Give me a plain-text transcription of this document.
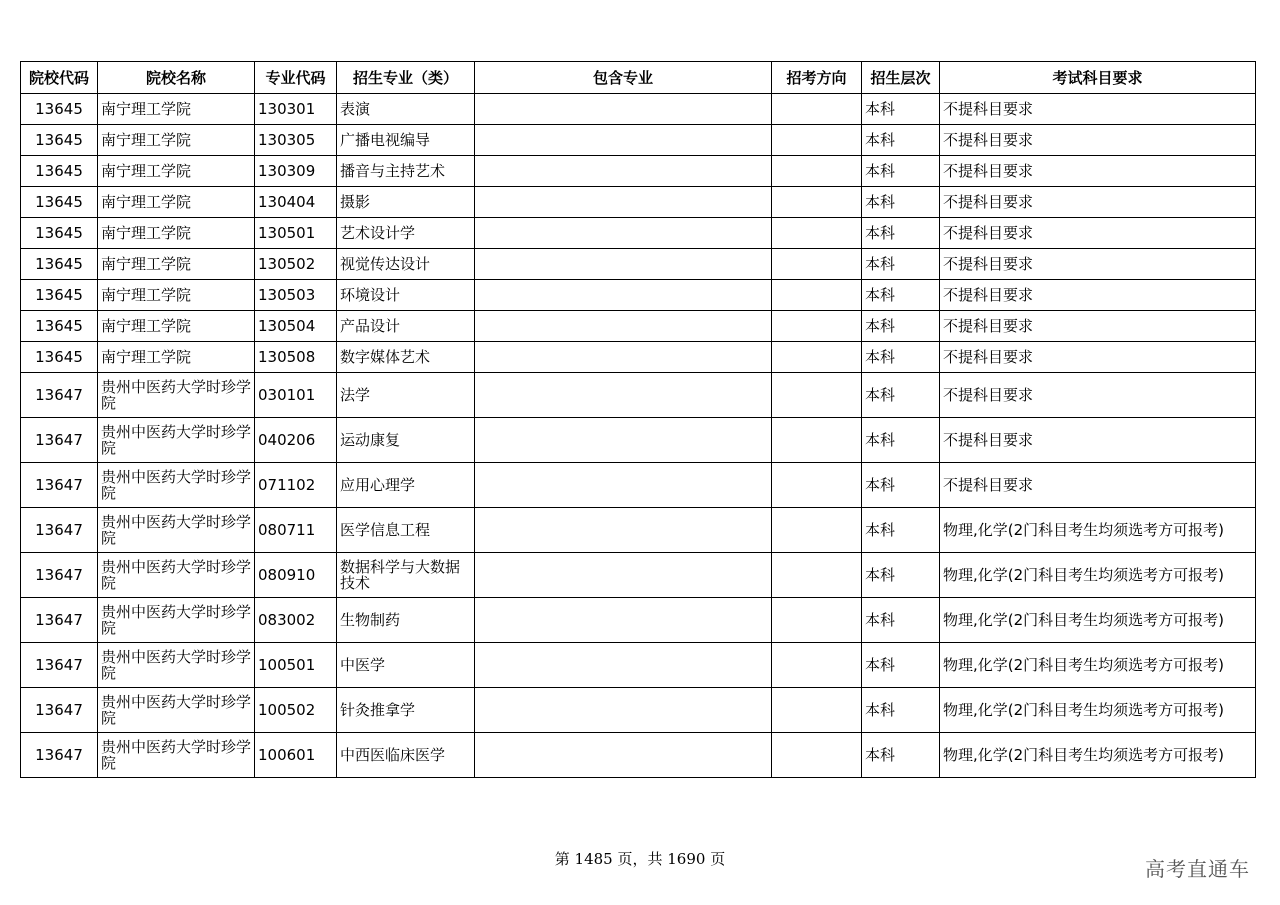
院校代码	院校名称	专业代码	招生专业（类）	包含专业	招考方向	招生层次	考试科目要求
13645	南宁理工学院	130301	表演			本科	不提科目要求
13645	南宁理工学院	130305	广播电视编导			本科	不提科目要求
13645	南宁理工学院	130309	播音与主持艺术			本科	不提科目要求
13645	南宁理工学院	130404	摄影			本科	不提科目要求
13645	南宁理工学院	130501	艺术设计学			本科	不提科目要求
13645	南宁理工学院	130502	视觉传达设计			本科	不提科目要求
13645	南宁理工学院	130503	环境设计			本科	不提科目要求
13645	南宁理工学院	130504	产品设计			本科	不提科目要求
13645	南宁理工学院	130508	数字媒体艺术			本科	不提科目要求
13647	贵州中医药大学时珍学院	030101	法学			本科	不提科目要求
13647	贵州中医药大学时珍学院	040206	运动康复			本科	不提科目要求
13647	贵州中医药大学时珍学院	071102	应用心理学			本科	不提科目要求
13647	贵州中医药大学时珍学院	080711	医学信息工程			本科	物理,化学(2门科目考生均须选考方可报考)
13647	贵州中医药大学时珍学院	080910	数据科学与大数据技术			本科	物理,化学(2门科目考生均须选考方可报考)
13647	贵州中医药大学时珍学院	083002	生物制药			本科	物理,化学(2门科目考生均须选考方可报考)
13647	贵州中医药大学时珍学院	100501	中医学			本科	物理,化学(2门科目考生均须选考方可报考)
13647	贵州中医药大学时珍学院	100502	针灸推拿学			本科	物理,化学(2门科目考生均须选考方可报考)
13647	贵州中医药大学时珍学院	100601	中西医临床医学			本科	物理,化学(2门科目考生均须选考方可报考)
第 1485 页，共 1690 页	高考直通车
